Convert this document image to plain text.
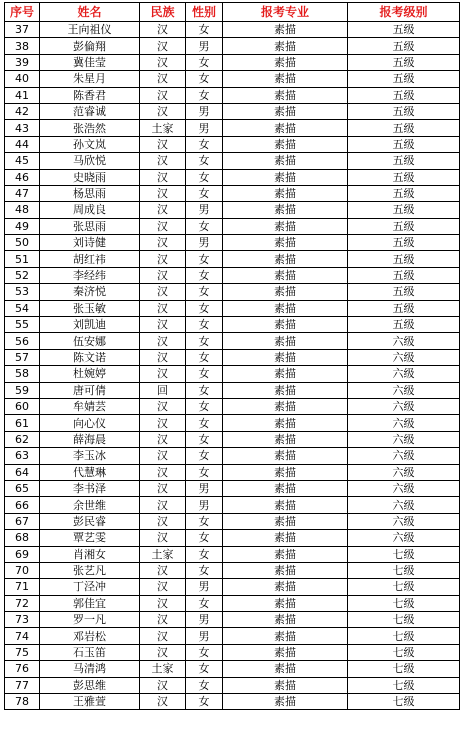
序号	姓名	民族	性别	报考专业	报考级别
37	王向祖仪	汉	女	素描	五级
38	彭倫翔	汉	男	素描	五级
39	冀佳莹	汉	女	素描	五级
40	朱星月	汉	女	素描	五级
41	陈香君	汉	女	素描	五级
42	范睿诚	汉	男	素描	五级
43	张浩然	土家	男	素描	五级
44	孙文岚	汉	女	素描	五级
45	马欣悦	汉	女	素描	五级
46	史晓雨	汉	女	素描	五级
47	杨思雨	汉	女	素描	五级
48	周成良	汉	男	素描	五级
49	张思雨	汉	女	素描	五级
50	刘诗健	汉	男	素描	五级
51	胡红祎	汉	女	素描	五级
52	李经纬	汉	女	素描	五级
53	秦济悦	汉	女	素描	五级
54	张玉敏	汉	女	素描	五级
55	刘凯迪	汉	女	素描	五级
56	伍安娜	汉	女	素描	六级
57	陈文诺	汉	女	素描	六级
58	杜婉婷	汉	女	素描	六级
59	唐可倩	回	女	素描	六级
60	牟婧芸	汉	女	素描	六级
61	向心仪	汉	女	素描	六级
62	薛海晨	汉	女	素描	六级
63	李玉冰	汉	女	素描	六级
64	代慧琳	汉	女	素描	六级
65	李书泽	汉	男	素描	六级
66	余世维	汉	男	素描	六级
67	彭民睿	汉	女	素描	六级
68	覃艺雯	汉	女	素描	六级
69	肖湘女	土家	女	素描	七级
70	张艺凡	汉	女	素描	七级
71	丁泾冲	汉	男	素描	七级
72	郭佳宜	汉	女	素描	七级
73	罗一凡	汉	男	素描	七级
74	邓岩松	汉	男	素描	七级
75	石玉笛	汉	女	素描	七级
76	马清鸿	土家	女	素描	七级
77	彭思维	汉	女	素描	七级
78	王雅萱	汉	女	素描	七级
